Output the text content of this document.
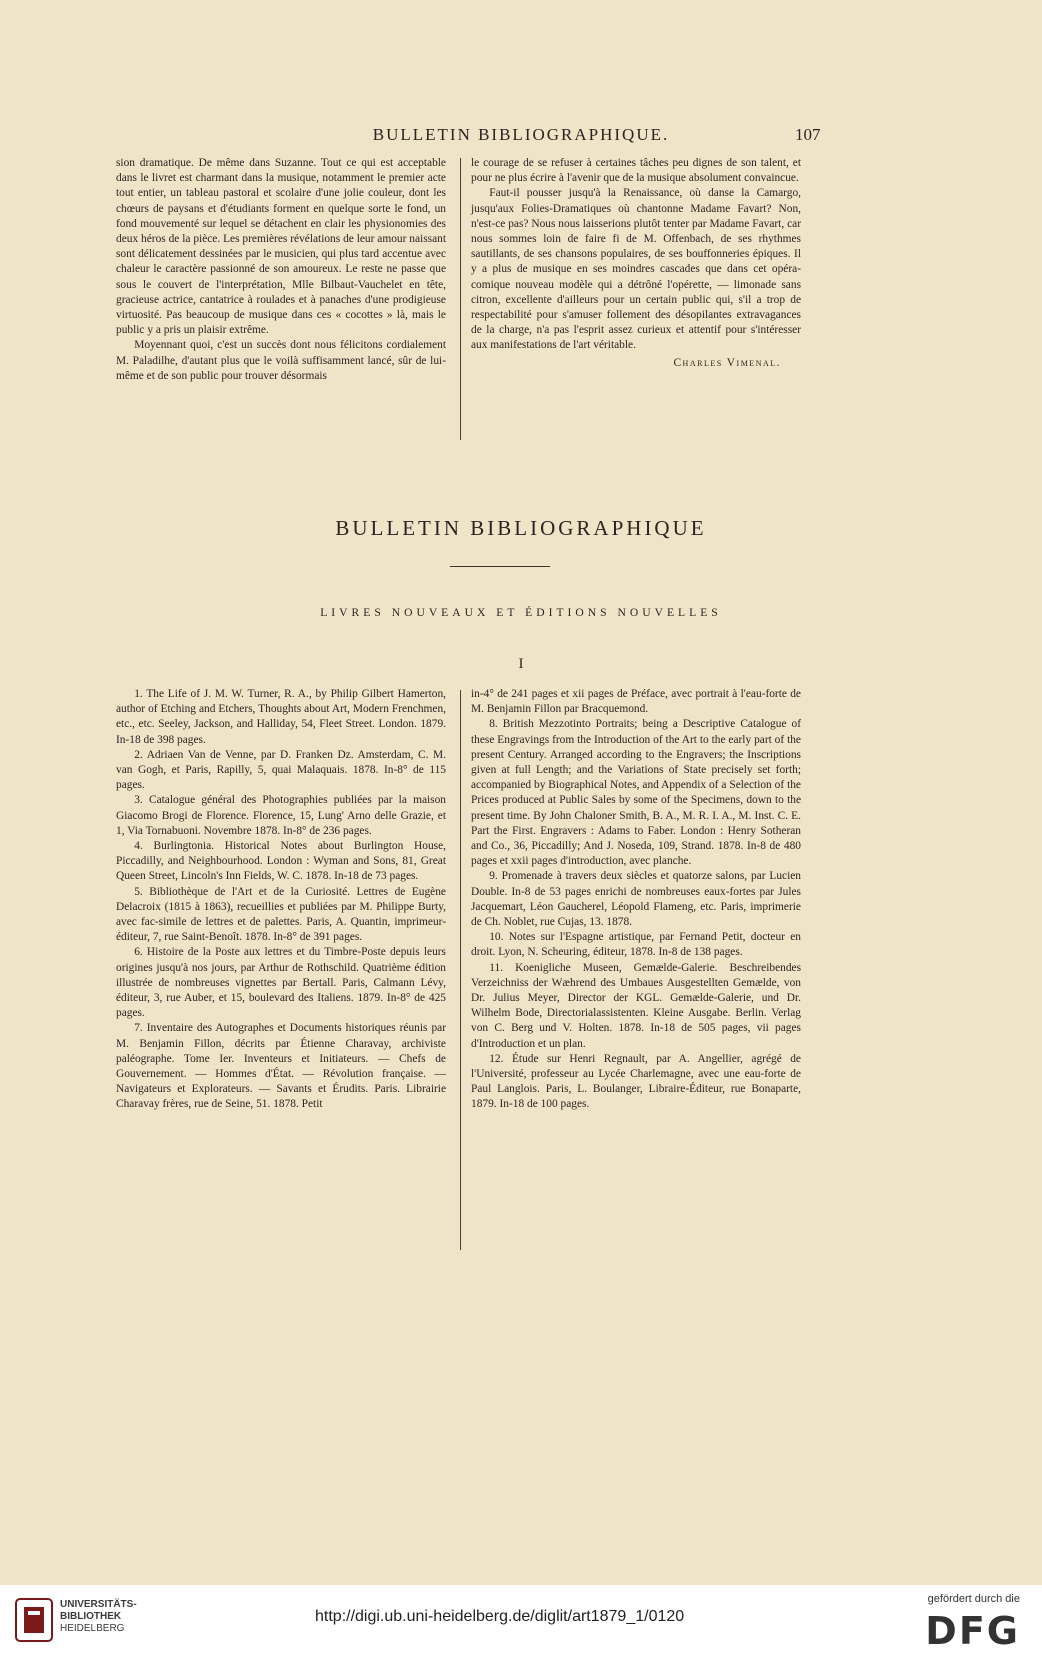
BULLETIN BIBLIOGRAPHIQUE.	107

sion dramatique. De même dans Suzanne. Tout ce qui est acceptable dans le livret est charmant dans la musique, notamment le premier acte tout entier, un tableau pastoral et scolaire d'une jolie couleur, dont les chœurs de paysans et d'étudiants forment en quelque sorte le fond, un fond mouvementé sur lequel se détachent en clair les physionomies des deux héros de la pièce. Les premières révélations de leur amour naissant sont délicatement dessinées par le musicien, qui plus tard accentue avec chaleur le caractère passionné de son amoureux. Le reste ne passe que sous le couvert de l'interprétation, Mlle Bilbaut-Vauchelet en tête, gracieuse actrice, cantatrice à roulades et à panaches d'une prodigieuse virtuosité. Pas beaucoup de musique dans ces « cocottes » là, mais le public y a pris un plaisir extrême.

Moyennant quoi, c'est un succès dont nous félicitons cordialement M. Paladilhe, d'autant plus que le voilà suffisamment lancé, sûr de lui-même et de son public pour trouver désormais

le courage de se refuser à certaines tâches peu dignes de son talent, et pour ne plus écrire à l'avenir que de la musique absolument convaincue.

Faut-il pousser jusqu'à la Renaissance, où danse la Camargo, jusqu'aux Folies-Dramatiques où chantonne Madame Favart? Non, n'est-ce pas? Nous nous laisserions plutôt tenter par Madame Favart, car nous sommes loin de faire fi de M. Offenbach, de ses rhythmes sautillants, de ses chansons populaires, de ses bouffonneries épiques. Il y a plus de musique en ses moindres cascades que dans cet opéra-comique nouveau modèle qui a détrôné l'opérette, — limonade sans citron, excellente d'ailleurs pour un certain public qui, s'il a trop de respectabilité pour s'amuser follement des désopilantes extravagances de la charge, n'a pas l'esprit assez curieux et attentif pour s'intéresser aux manifestations de l'art véritable.

Charles Vimenal.
BULLETIN BIBLIOGRAPHIQUE
LIVRES NOUVEAUX ET ÉDITIONS NOUVELLES
I

1. The Life of J. M. W. Turner, R. A., by Philip Gilbert Hamerton, author of Etching and Etchers, Thoughts about Art, Modern Frenchmen, etc., etc. Seeley, Jackson, and Halliday, 54, Fleet Street. London. 1879. In-18 de 398 pages.

2. Adriaen Van de Venne, par D. Franken Dz. Amsterdam, C. M. van Gogh, et Paris, Rapilly, 5, quai Malaquais. 1878. In-8° de 115 pages.

3. Catalogue général des Photographies publiées par la maison Giacomo Brogi de Florence. Florence, 15, Lung' Arno delle Grazie, et 1, Via Tornabuoni. Novembre 1878. In-8° de 236 pages.

4. Burlingtonia. Historical Notes about Burlington House, Piccadilly, and Neighbourhood. London : Wyman and Sons, 81, Great Queen Street, Lincoln's Inn Fields, W. C. 1878. In-18 de 73 pages.

5. Bibliothèque de l'Art et de la Curiosité. Lettres de Eugène Delacroix (1815 à 1863), recueillies et publiées par M. Philippe Burty, avec fac-simile de lettres et de palettes. Paris, A. Quantin, imprimeur-éditeur, 7, rue Saint-Benoît. 1878. In-8° de 391 pages.

6. Histoire de la Poste aux lettres et du Timbre-Poste depuis leurs origines jusqu'à nos jours, par Arthur de Rothschild. Quatrième édition illustrée de nombreuses vignettes par Bertall. Paris, Calmann Lévy, éditeur, 3, rue Auber, et 15, boulevard des Italiens. 1879. In-8° de 425 pages.

7. Inventaire des Autographes et Documents historiques réunis par M. Benjamin Fillon, décrits par Étienne Charavay, archiviste paléographe. Tome Ier. Inventeurs et Initiateurs. — Chefs de Gouvernement. — Hommes d'État. — Révolution française. — Navigateurs et Explorateurs. — Savants et Érudits. Paris. Librairie Charavay frères, rue de Seine, 51. 1878. Petit

in-4° de 241 pages et xii pages de Préface, avec portrait à l'eau-forte de M. Benjamin Fillon par Bracquemond.

8. British Mezzotinto Portraits; being a Descriptive Catalogue of these Engravings from the Introduction of the Art to the early part of the present Century. Arranged according to the Engravers; the Inscriptions given at full Length; and the Variations of State precisely set forth; accompanied by Biographical Notes, and Appendix of a Selection of the Prices produced at Public Sales by some of the Specimens, down to the present time. By John Chaloner Smith, B. A., M. R. I. A., M. Inst. C. E. Part the First. Engravers : Adams to Faber. London : Henry Sotheran and Co., 36, Piccadilly; And J. Noseda, 109, Strand. 1878. In-8 de 480 pages et xxii pages d'introduction, avec planche.

9. Promenade à travers deux siècles et quatorze salons, par Lucien Double. In-8 de 53 pages enrichi de nombreuses eaux-fortes par Jules Jacquemart, Léon Gaucherel, Léopold Flameng, etc. Paris, imprimerie de Ch. Noblet, rue Cujas, 13. 1878.

10. Notes sur l'Espagne artistique, par Fernand Petit, docteur en droit. Lyon, N. Scheuring, éditeur, 1878. In-8 de 138 pages.

11. Koenigliche Museen, Gemælde-Galerie. Beschreibendes Verzeichniss der Wæhrend des Umbaues Ausgestellten Gemælde, von Dr. Julius Meyer, Director der KGL. Gemælde-Galerie, und Dr. Wilhelm Bode, Directorialassistenten. Kleine Ausgabe. Berlin. Verlag von C. Berg und V. Holten. 1878. In-18 de 505 pages, vii pages d'Introduction et un plan.

12. Étude sur Henri Regnault, par A. Angellier, agrégé de l'Université, professeur au Lycée Charlemagne, avec une eau-forte de Paul Langlois. Paris, L. Boulanger, Libraire-Éditeur, rue Bonaparte, 1879. In-18 de 100 pages.

UNIVERSITÄTS-
BIBLIOTHEK
HEIDELBERG
http://digi.ub.uni-heidelberg.de/diglit/art1879_1/0120
gefördert durch die
DFG
